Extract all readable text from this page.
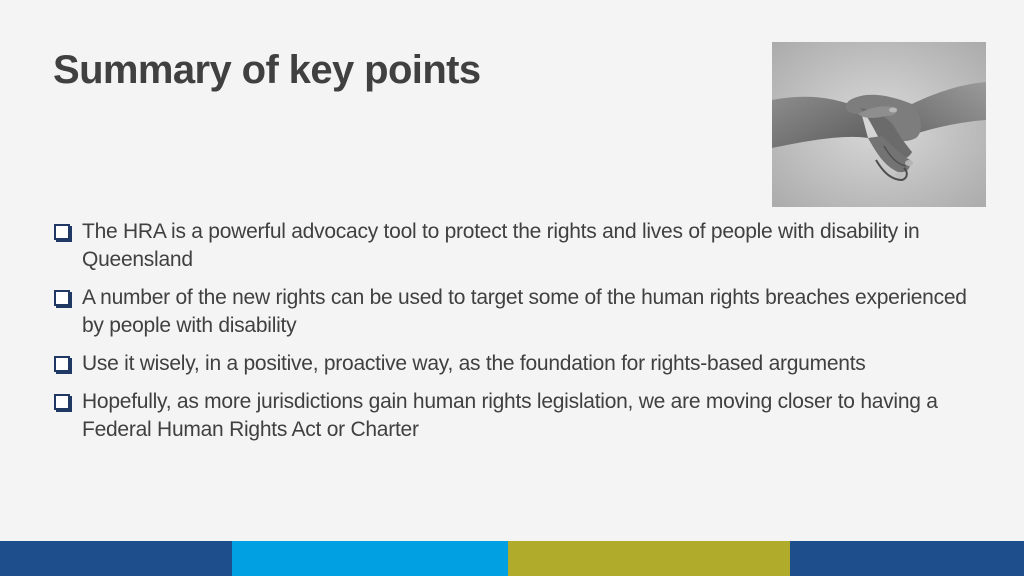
Summary of key points
The HRA is a powerful advocacy tool to protect the rights and lives of people with disability in Queensland
A number of the new rights can be used to target some of the human rights breaches experienced by people with disability
Use it wisely, in a positive, proactive way, as the foundation for rights-based arguments
Hopefully, as more jurisdictions gain human rights legislation, we are moving closer to having a Federal Human Rights Act or Charter
